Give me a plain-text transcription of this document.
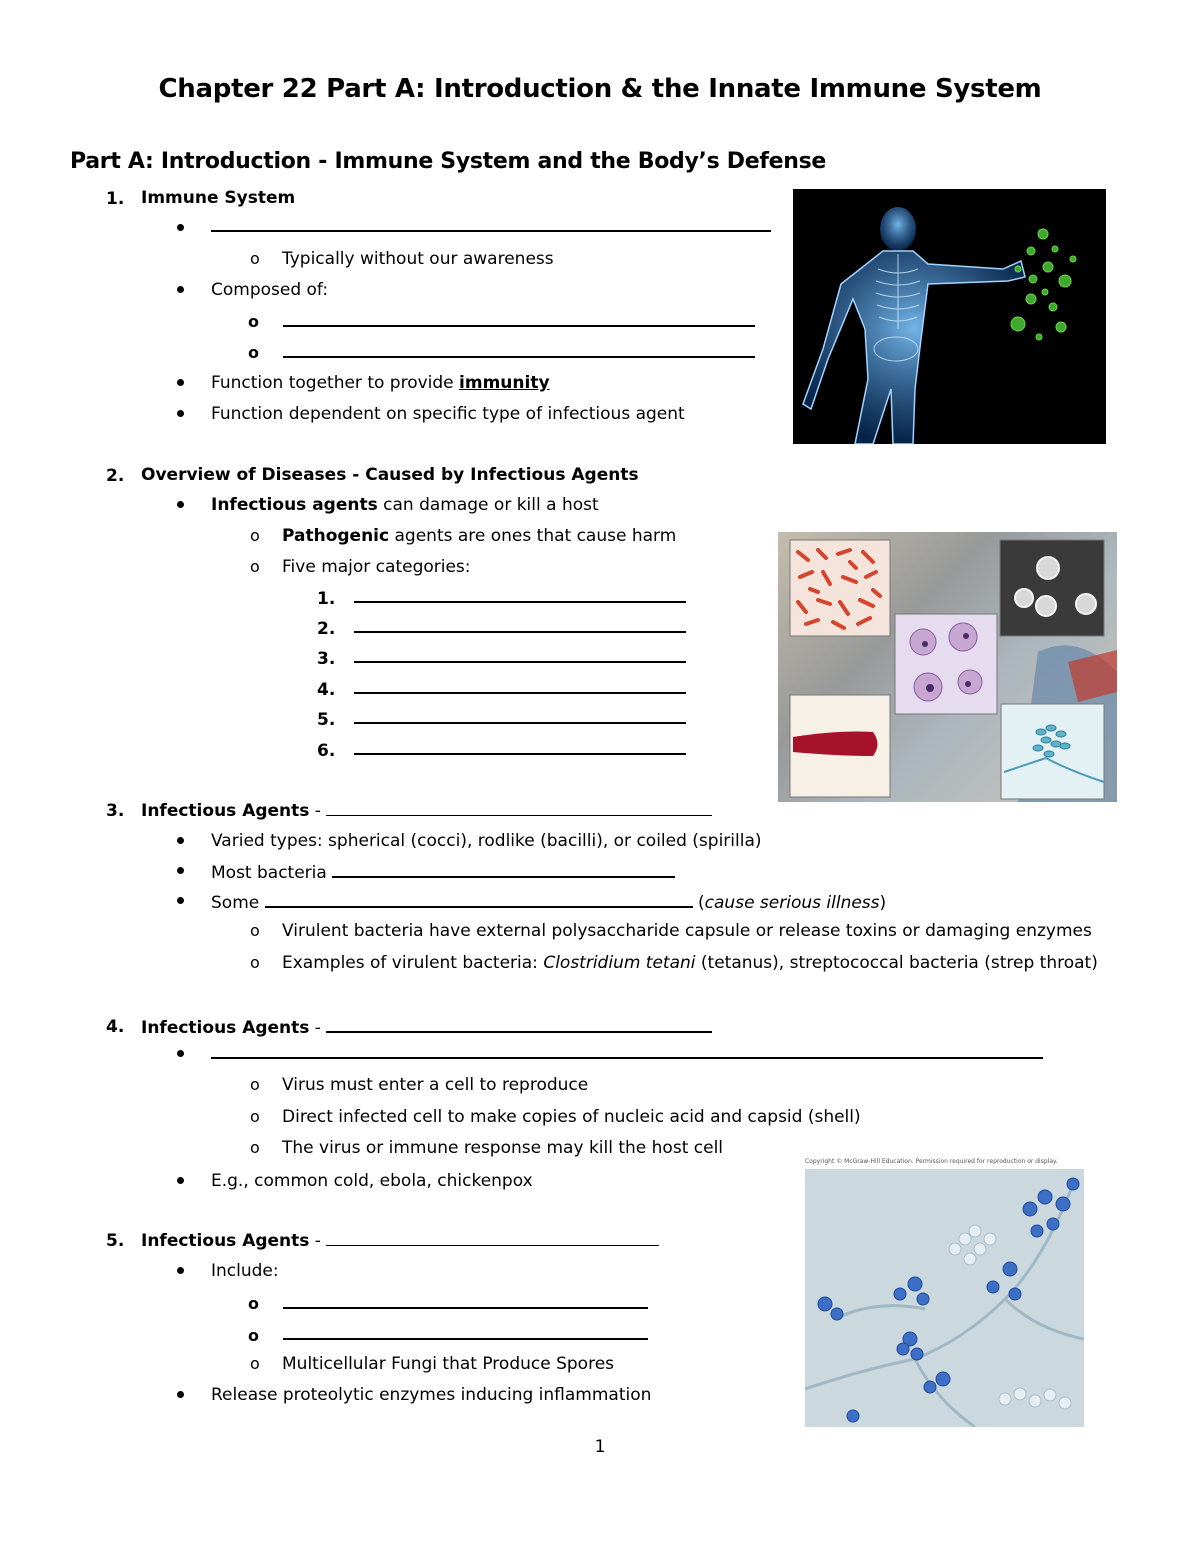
Chapter 22 Part A: Introduction & the Innate Immune System
Part A: Introduction - Immune System and the Body’s Defense
1. Immune System
o Typically without our awareness
Composed of:
o
o
Function together to provide immunity
Function dependent on specific type of infectious agent
2. Overview of Diseases - Caused by Infectious Agents
Infectious agents can damage or kill a host
o Pathogenic agents are ones that cause harm
o Five major categories:
1.
2.
3.
4.
5.
6.
3. Infectious Agents -
Varied types: spherical (cocci), rodlike (bacilli), or coiled (spirilla)
Most bacteria
Some	(cause serious illness)
o Virulent bacteria have external polysaccharide capsule or release toxins or damaging enzymes
o Examples of virulent bacteria: Clostridium tetani (tetanus), streptococcal bacteria (strep throat)
4. Infectious Agents -
o Virus must enter a cell to reproduce
o Direct infected cell to make copies of nucleic acid and capsid (shell)
o The virus or immune response may kill the host cell
E.g., common cold, ebola, chickenpox
Copyright © McGraw-Hill Education. Permission required for reproduction or display.
5. Infectious Agents -
Include:
o
o
o Multicellular Fungi that Produce Spores
Release proteolytic enzymes inducing inflammation
1
